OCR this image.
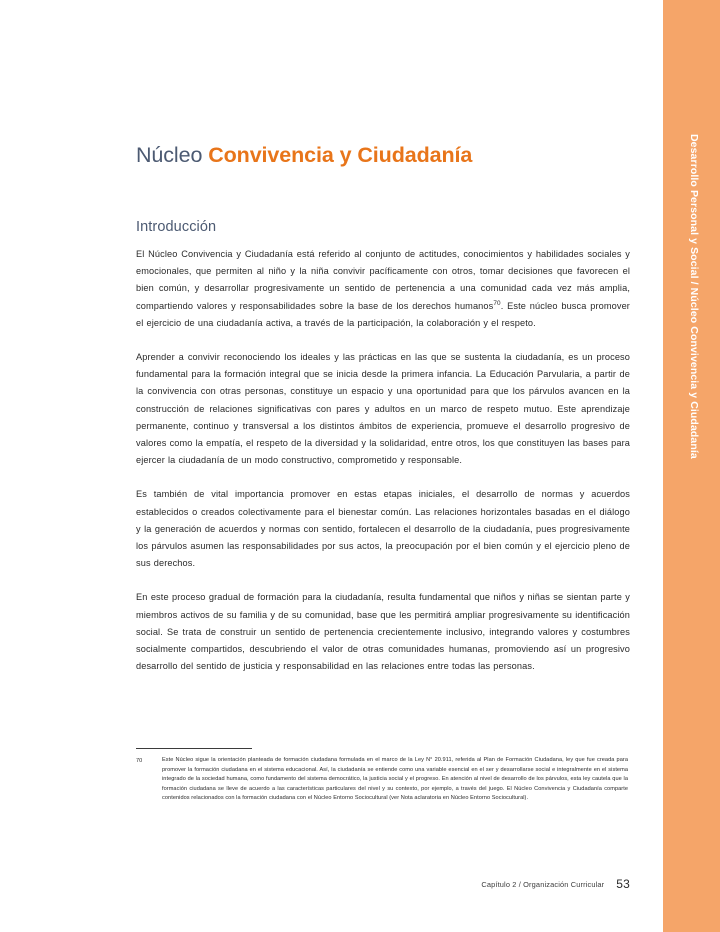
Desarrollo Personal y Social / Núcleo Convivencia y Ciudadanía
Núcleo Convivencia y Ciudadanía
Introducción

El Núcleo Convivencia y Ciudadanía está referido al conjunto de actitudes, conocimientos y habilidades sociales y emocionales, que permiten al niño y la niña convivir pacíficamente con otros, tomar decisiones que favorecen el bien común, y desarrollar progresivamente un sentido de pertenencia a una comunidad cada vez más amplia, compartiendo valores y responsabilidades sobre la base de los derechos humanos$^{70}$. Este núcleo busca promover el ejercicio de una ciudadanía activa, a través de la participación, la colaboración y el respeto.

Aprender a convivir reconociendo los ideales y las prácticas en las que se sustenta la ciudadanía, es un proceso fundamental para la formación integral que se inicia desde la primera infancia. La Educación Parvularia, a partir de la convivencia con otras personas, constituye un espacio y una oportunidad para que los párvulos avancen en la construcción de relaciones significativas con pares y adultos en un marco de respeto mutuo. Este aprendizaje permanente, continuo y transversal a los distintos ámbitos de experiencia, promueve el desarrollo progresivo de valores como la empatía, el respeto de la diversidad y la solidaridad, entre otros, los que constituyen las bases para ejercer la ciudadanía de un modo constructivo, comprometido y responsable.

Es también de vital importancia promover en estas etapas iniciales, el desarrollo de normas y acuerdos establecidos o creados colectivamente para el bienestar común. Las relaciones horizontales basadas en el diálogo y la generación de acuerdos y normas con sentido, fortalecen el desarrollo de la ciudadanía, pues progresivamente los párvulos asumen las responsabilidades por sus actos, la preocupación por el bien común y el ejercicio pleno de sus derechos.

En este proceso gradual de formación para la ciudadanía, resulta fundamental que niños y niñas se sientan parte y miembros activos de su familia y de su comunidad, base que les permitirá ampliar progresivamente su identificación social. Se trata de construir un sentido de pertenencia crecientemente inclusivo, integrando valores y costumbres socialmente compartidos, descubriendo el valor de otras comunidades humanas, promoviendo así un progresivo desarrollo del sentido de justicia y responsabilidad en las relaciones entre todas las personas.

70	Este Núcleo sigue la orientación planteada de formación ciudadana formulada en el marco de la Ley N° 20.911, referida al Plan de Formación Ciudadana, ley que fue creada para promover la formación ciudadana en el sistema educacional. Así, la ciudadanía se entiende como una variable esencial en el ser y desarrollarse social e integralmente en el sistema integrado de la sociedad humana, como fundamento del sistema democrático, la justicia social y el progreso. En atención al nivel de desarrollo de los párvulos, esta ley cautela que la formación ciudadana se lleve de acuerdo a las características particulares del nivel y su contexto, por ejemplo, a través del juego. El Núcleo Convivencia y Ciudadanía comparte contenidos relacionados con la formación ciudadana con el Núcleo Entorno Sociocultural (ver Nota aclaratoria en Núcleo Entorno Sociocultural).
Capítulo 2 / Organización Curricular 53
